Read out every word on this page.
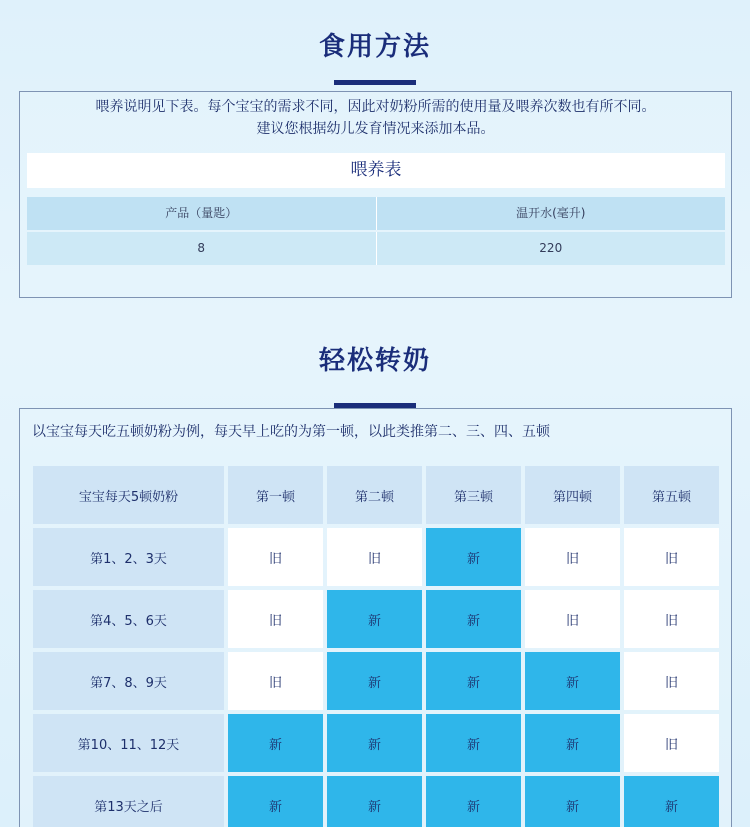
食用方法
喂养说明见下表。每个宝宝的需求不同，因此对奶粉所需的使用量及喂养次数也有所不同。
建议您根据幼儿发育情况来添加本品。
喂养表
产品（量匙）	温开水(毫升)
8	220
轻松转奶
以宝宝每天吃五顿奶粉为例，每天早上吃的为第一顿，以此类推第二、三、四、五顿
宝宝每天5顿奶粉	第一顿	第二顿	第三顿	第四顿	第五顿
第1、2、3天	旧	旧	新	旧	旧
第4、5、6天	旧	新	新	旧	旧
第7、8、9天	旧	新	新	新	旧
第10、11、12天	新	新	新	新	旧
第13天之后	新	新	新	新	新
